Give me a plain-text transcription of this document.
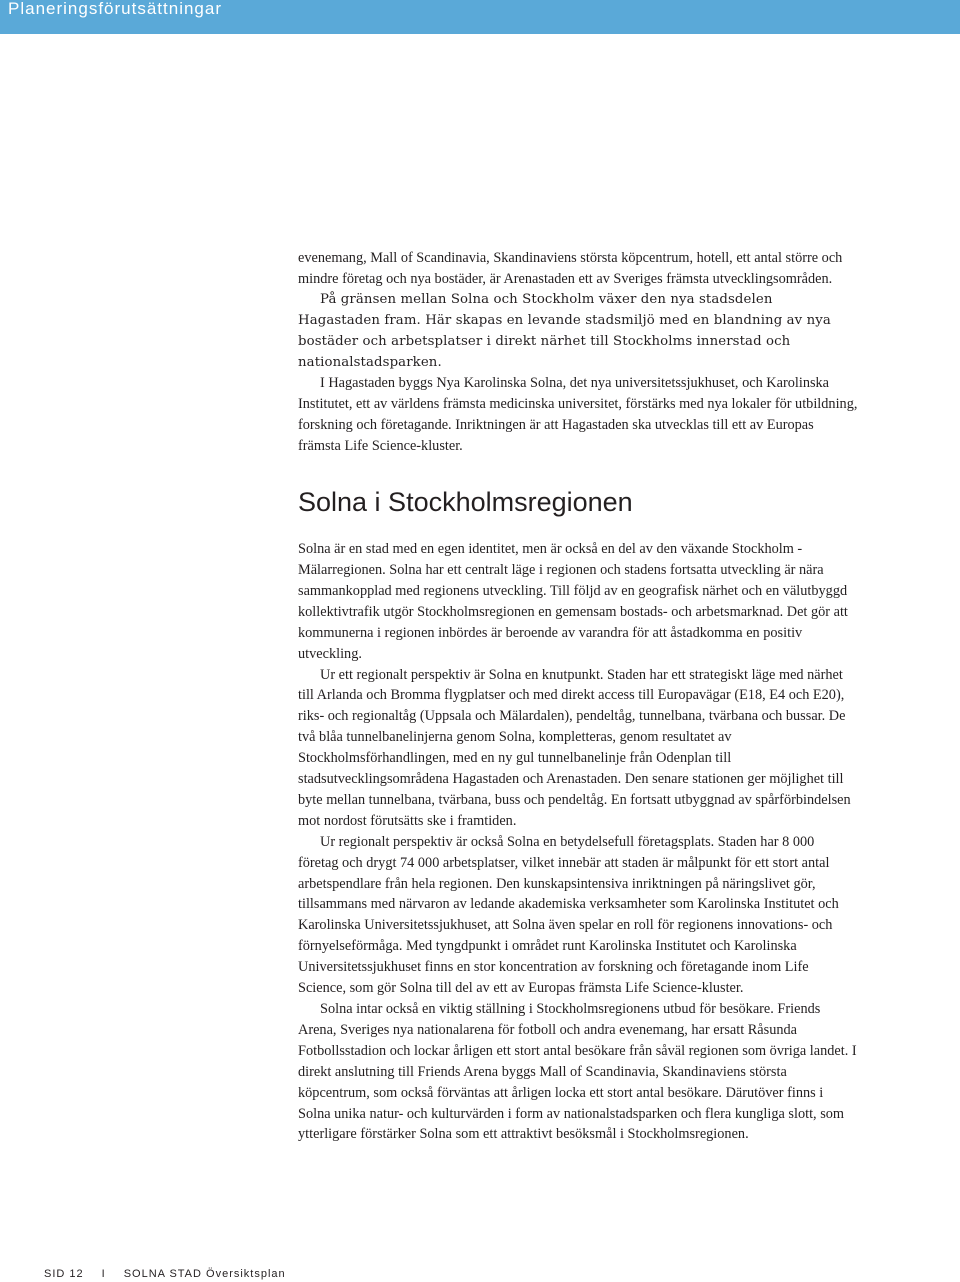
Planeringsförutsättningar

evenemang, Mall of Scandinavia, Skandinaviens största köpcentrum, hotell, ett antal större och mindre företag och nya bostäder, är Arenastaden ett av Sveriges främsta utvecklingsområden.

På gränsen mellan Solna och Stockholm växer den nya stadsdelen Hagastaden fram. Här skapas en levande stadsmiljö med en blandning av nya bostäder och arbetsplatser i direkt närhet till Stockholms innerstad och nationalstadsparken.

I Hagastaden byggs Nya Karolinska Solna, det nya universitetssjukhuset, och Karolinska Institutet, ett av världens främsta medicinska universitet, förstärks med nya lokaler för utbildning, forskning och företagande. Inriktningen är att Hagastaden ska utvecklas till ett av Europas främsta Life Science-kluster.

Solna i Stockholmsregionen

Solna är en stad med en egen identitet, men är också en del av den växande Stockholm - Mälarregionen. Solna har ett centralt läge i regionen och stadens fortsatta utveckling är nära sammankopplad med regionens utveckling. Till följd av en geografisk närhet och en välutbyggd kollektivtrafik utgör Stockholmsregionen en gemensam bostads- och arbetsmarknad. Det gör att kommunerna i regionen inbördes är beroende av varandra för att åstadkomma en positiv utveckling.

Ur ett regionalt perspektiv är Solna en knutpunkt. Staden har ett strategiskt läge med närhet till Arlanda och Bromma flygplatser och med direkt access till Europavägar (E18, E4 och E20), riks- och regionaltåg (Uppsala och Mälardalen), pendeltåg, tunnelbana, tvärbana och bussar. De två blåa tunnelbanelinjerna genom Solna, kompletteras, genom resultatet av Stockholmsförhandlingen, med en ny gul tunnelbanelinje från Odenplan till stadsutvecklingsområdena Hagastaden och Arenastaden. Den senare stationen ger möjlighet till byte mellan tunnelbana, tvärbana, buss och pendeltåg. En fortsatt utbyggnad av spårförbindelsen mot nordost förutsätts ske i framtiden.

Ur regionalt perspektiv är också Solna en betydelsefull företagsplats. Staden har 8 000 företag och drygt 74 000 arbetsplatser, vilket innebär att staden är målpunkt för ett stort antal arbetspendlare från hela regionen. Den kunskapsintensiva inriktningen på näringslivet gör, tillsammans med närvaron av ledande akademiska verksamheter som Karolinska Institutet och Karolinska Universitetssjukhuset, att Solna även spelar en roll för regionens innovations- och förnyelseförmåga. Med tyngdpunkt i området runt Karolinska Institutet och Karolinska Universitetssjukhuset finns en stor koncentration av forskning och företagande inom Life Science, som gör Solna till del av ett av Europas främsta Life Science-kluster.

Solna intar också en viktig ställning i Stockholmsregionens utbud för besökare. Friends Arena, Sveriges nya nationalarena för fotboll och andra evenemang, har ersatt Råsunda Fotbollsstadion och lockar årligen ett stort antal besökare från såväl regionen som övriga landet. I direkt anslutning till Friends Arena byggs Mall of Scandinavia, Skandinaviens största köpcentrum, som också förväntas att årligen locka ett stort antal besökare. Därutöver finns i Solna unika natur- och kulturvärden i form av nationalstadsparken och flera kungliga slott, som ytterligare förstärker Solna som ett attraktivt besöksmål i Stockholmsregionen.

SID 12 I SOLNA STAD Översiktsplan
